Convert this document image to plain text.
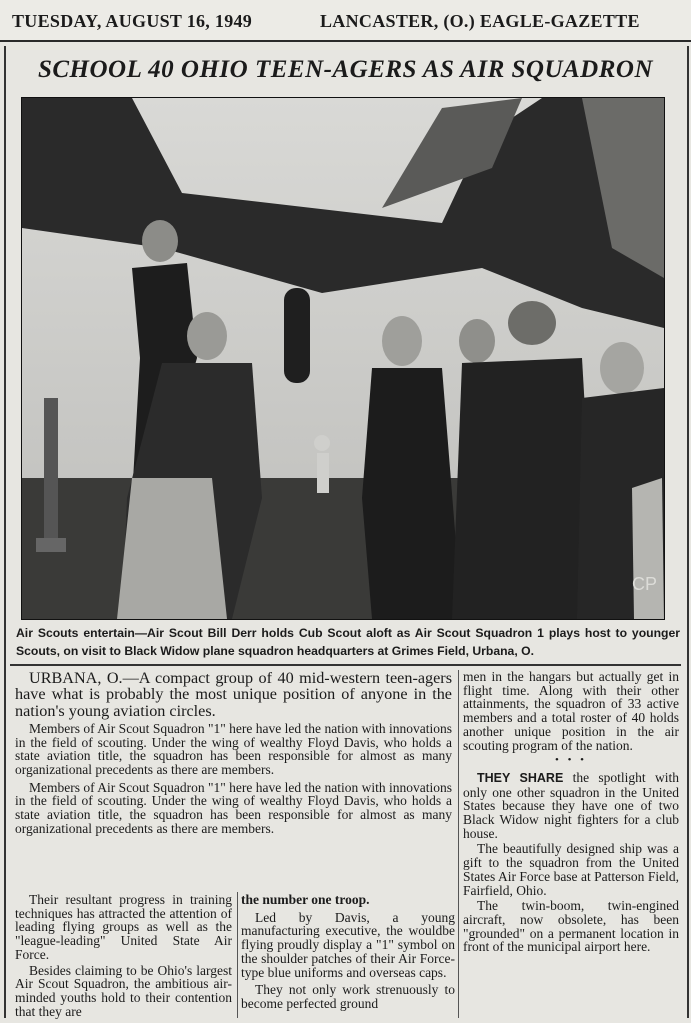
TUESDAY, AUGUST 16, 1949	LANCASTER, (O.) EAGLE-GAZETTE
SCHOOL 40 OHIO TEEN-AGERS AS AIR SQUADRON
CP

Air Scouts entertain—Air Scout Bill Derr holds Cub Scout aloft as Air Scout Squadron 1 plays host to younger Scouts, on visit to Black Widow plane squadron headquarters at Grimes Field, Urbana, O.

URBANA, O.—A compact group of 40 mid-western teen-agers have what is probably the most unique position of anyone in the nation's young aviation circles.

Members of Air Scout Squadron "1" here have led the nation with innovations in the field of scouting. Under the wing of wealthy Floyd Davis, who holds a state aviation title, the squadron has been responsible for almost as many organizational precedents as there are members.

Members of Air Scout Squadron "1" here have led the nation with innovations in the field of scouting. Under the wing of wealthy Floyd Davis, who holds a state aviation title, the squadron has been responsible for almost as many organizational precedents as there are members.

Their resultant progress in training techniques has attracted the attention of leading flying groups as well as the "league-leading" United State Air Force.

Besides claiming to be Ohio's largest Air Scout Squadron, the ambitious air-minded youths hold to their contention that they are

the number one troop.

Led by Davis, a young manufacturing executive, the wouldbe flying proudly display a "1" symbol on the shoulder patches of their Air Force-type blue uniforms and overseas caps.

They not only work strenuously to become perfected ground

men in the hangars but actually get in flight time. Along with their other attainments, the squadron of 33 active members and a total roster of 40 holds another unique position in the air scouting program of the nation.

• • •

THEY SHARE the spotlight with only one other squadron in the United States because they have one of two Black Widow night fighters for a club house.

The beautifully designed ship was a gift to the squadron from the United States Air Force base at Patterson Field, Fairfield, Ohio.

The twin-boom, twin-engined aircraft, now obsolete, has been "grounded" on a permanent location in front of the municipal airport here.
